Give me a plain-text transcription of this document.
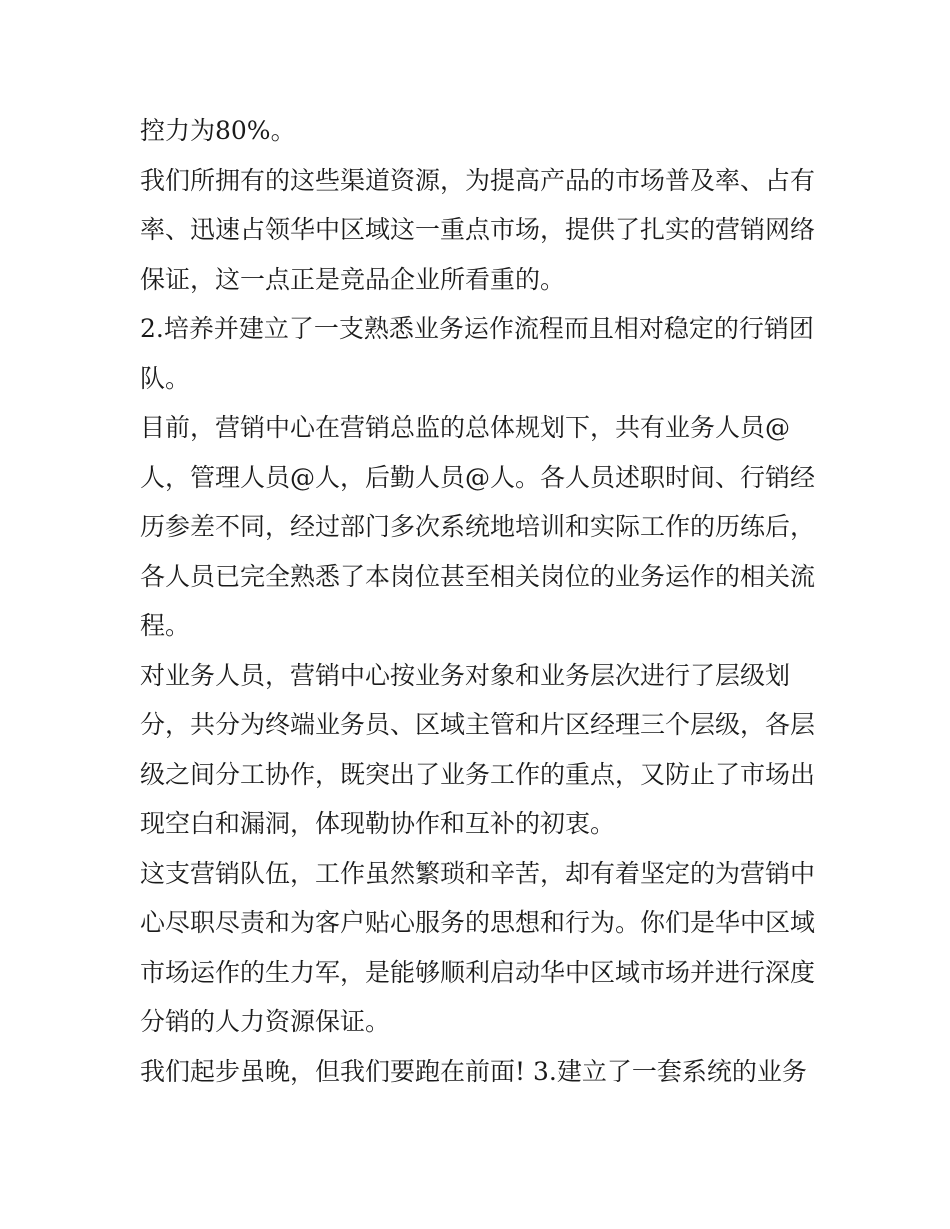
控力为80%。

我们所拥有的这些渠道资源，为提高产品的市场普及率、占有
率、迅速占领华中区域这一重点市场，提供了扎实的营销网络
保证，这一点正是竞品企业所看重的。

2.培养并建立了一支熟悉业务运作流程而且相对稳定的行销团
队。

目前，营销中心在营销总监的总体规划下，共有业务人员@
人，管理人员@人，后勤人员@人。各人员述职时间、行销经
历参差不同，经过部门多次系统地培训和实际工作的历练后，
各人员已完全熟悉了本岗位甚至相关岗位的业务运作的相关流
程。

对业务人员，营销中心按业务对象和业务层次进行了层级划
分，共分为终端业务员、区域主管和片区经理三个层级，各层
级之间分工协作，既突出了业务工作的重点，又防止了市场出
现空白和漏洞，体现勒协作和互补的初衷。

这支营销队伍，工作虽然繁琐和辛苦，却有着坚定的为营销中
心尽职尽责和为客户贴心服务的思想和行为。你们是华中区域
市场运作的生力军，是能够顺利启动华中区域市场并进行深度
分销的人力资源保证。

我们起步虽晚，但我们要跑在前面! 3.建立了一套系统的业务
